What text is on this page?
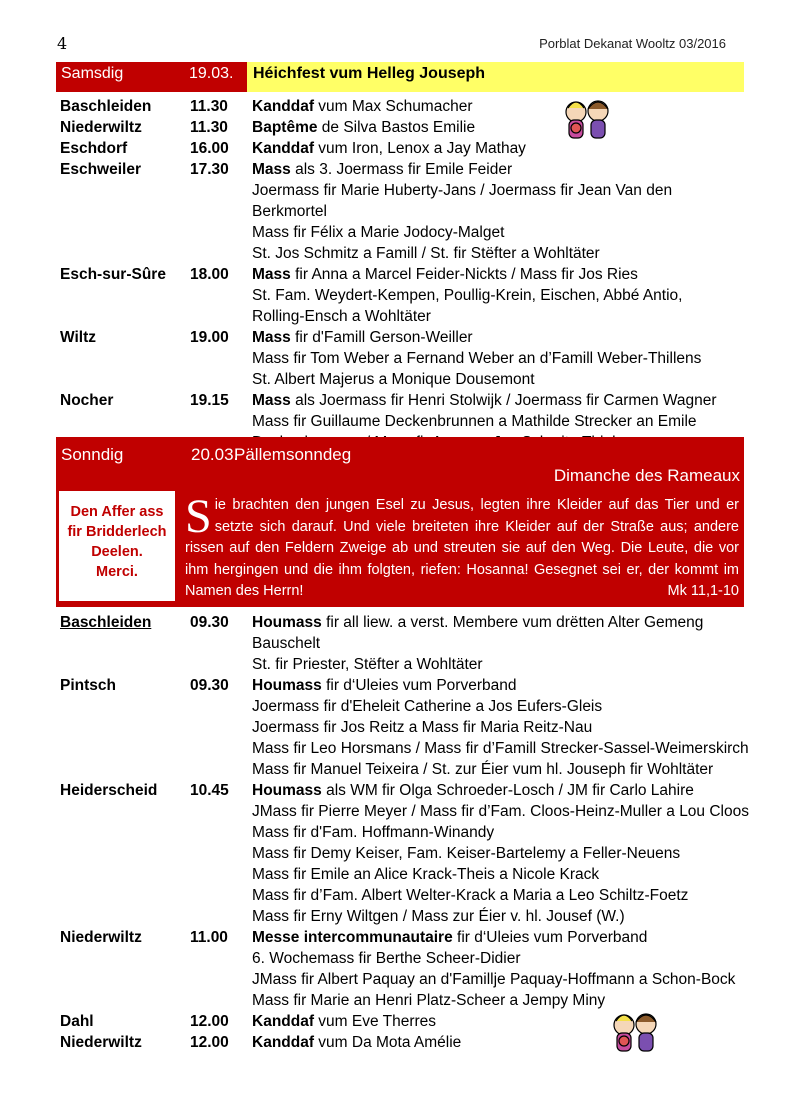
4	Porblat Dekanat Wooltz 03/2016
Samsdig	19.03.	Héichfest vum Helleg Jouseph
Baschleiden	11.30	Kanddaf vum Max Schumacher
Niederwiltz	11.30	Baptême de Silva Bastos Emilie
Eschdorf	16.00	Kanddaf vum Iron, Lenox a Jay Mathay
Eschweiler	17.30	Mass als 3. Joermass fir Emile Feider
Joermass fir Marie Huberty-Jans / Joermass fir Jean Van den Berkmortel
Mass fir Félix a Marie Jodocy-Malget
St. Jos Schmitz a Famill / St. fir Stëfter a Wohltäter
Esch-sur-Sûre	18.00	Mass fir Anna a Marcel Feider-Nickts / Mass fir Jos Ries
St. Fam. Weydert-Kempen, Poullig-Krein, Eischen, Abbé Antio,
Rolling-Ensch a Wohltäter
Wiltz	19.00	Mass fir d'Famill Gerson-Weiller
Mass fir Tom Weber a Fernand Weber an d’Famill Weber-Thillens
St. Albert Majerus a Monique Dousemont
Nocher	19.15	Mass als Joermass fir Henri Stolwijk / Joermass fir Carmen Wagner
Mass fir Guillaume Deckenbrunnen a Mathilde Strecker an Emile
Sonndig	20.03.
Pällemsonndeg
Dimanche des Rameaux
Den Affer ass
fir Bridderlech
Deelen.
Merci.
Sie brachten den jungen Esel zu Jesus, legten ihre Kleider auf das Tier und er setzte sich darauf. Und viele breiteten ihre Kleider auf der Straße aus; andere rissen auf den Feldern Zweige ab und streuten sie auf den Weg. Die Leute, die vor ihm hergingen und die ihm folgten, riefen: Hosanna! Gesegnet sei er, der kommt im Namen des Herrn!	Mk 11,1-10
Baschleiden	09.30	Houmass fir all liew. a verst. Membere vum drëtten Alter Gemeng
Bauschelt
St. fir Priester, Stëfter a Wohltäter
Pintsch	09.30	Houmass fir d‘Uleies vum Porverband
Joermass fir d'Eheleit Catherine a Jos Eufers-Gleis
Joermass fir Jos Reitz a Mass fir Maria Reitz-Nau
Mass fir Leo Horsmans / Mass fir d’Famill Strecker-Sassel-Weimerskirch
Mass fir Manuel Teixeira / St. zur Éier vum hl. Jouseph fir Wohltäter
Heiderscheid	10.45	Houmass als WM fir Olga Schroeder-Losch / JM fir Carlo Lahire
JMass fir Pierre Meyer / Mass fir d’Fam. Cloos-Heinz-Muller a Lou Cloos
Mass fir d'Fam. Hoffmann-Winandy
Mass fir Demy Keiser, Fam. Keiser-Bartelemy a Feller-Neuens
Mass fir Emile an Alice Krack-Theis a Nicole Krack
Mass fir d’Fam. Albert Welter-Krack a Maria a Leo Schiltz-Foetz
Mass fir Erny Wiltgen / Mass zur Éier v. hl. Jousef (W.)
Niederwiltz	11.00	Messe intercommunautaire fir d‘Uleies vum Porverband
6. Wochemass fir Berthe Scheer-Didier
JMass fir Albert Paquay an d'Famillje Paquay-Hoffmann a Schon-Bock
Mass fir Marie an Henri Platz-Scheer a Jempy Miny
Dahl	12.00	Kanddaf vum Eve Therres
Niederwiltz	12.00	Kanddaf vum Da Mota Amélie
